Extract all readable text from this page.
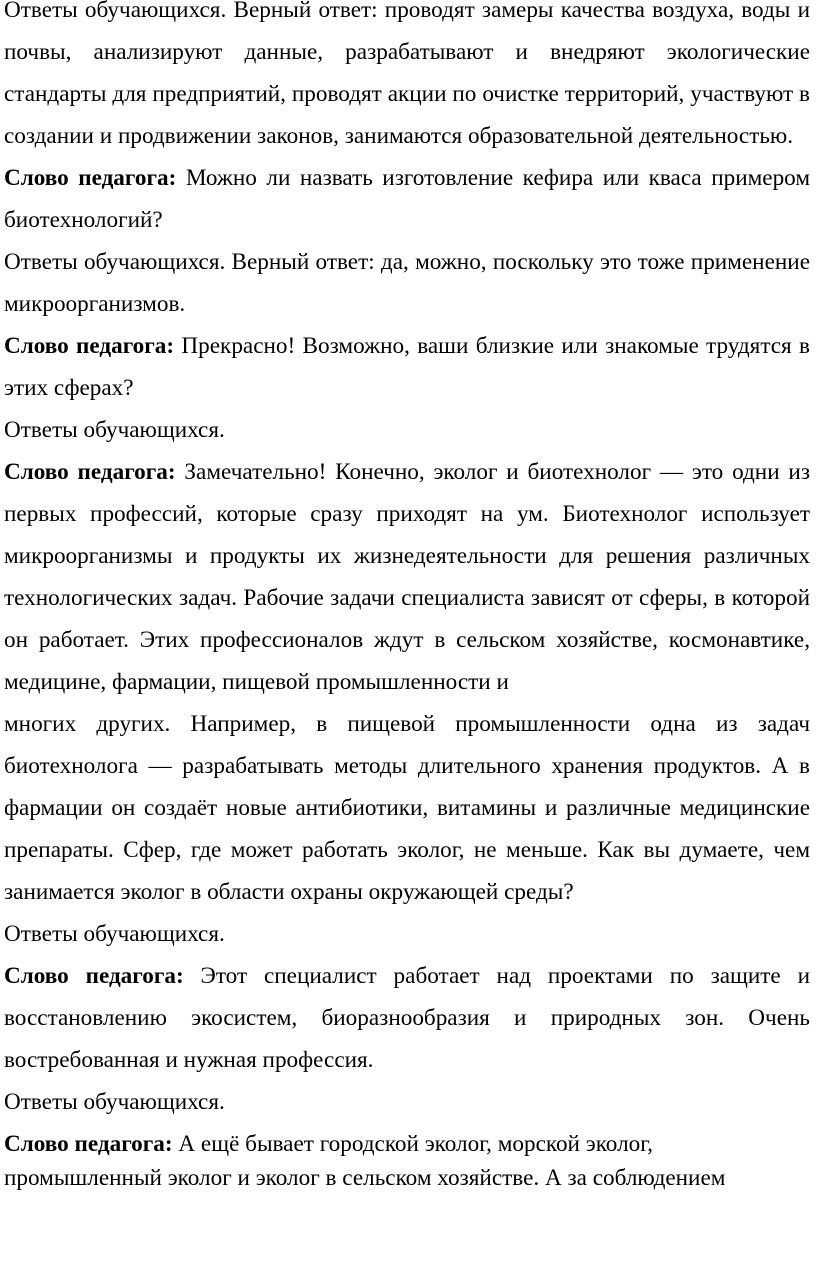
Ответы обучающихся. Верный ответ: проводят замеры качества воздуха, воды и почвы, анализируют данные, разрабатывают и внедряют экологические стандарты для предприятий, проводят акции по очистке территорий, участвуют в создании и продвижении законов, занимаются образовательной деятельностью.

Слово педагога: Можно ли назвать изготовление кефира или кваса примером биотехнологий?

Ответы обучающихся. Верный ответ: да, можно, поскольку это тоже применение микроорганизмов.

Слово педагога: Прекрасно! Возможно, ваши близкие или знакомые трудятся в этих сферах?

Ответы обучающихся.

Слово педагога: Замечательно! Конечно, эколог и биотехнолог — это одни из первых профессий, которые сразу приходят на ум. Биотехнолог использует микроорганизмы и продукты их жизнедеятельности для решения различных технологических задач. Рабочие задачи специалиста зависят от сферы, в которой он работает. Этих профессионалов ждут в сельском хозяйстве, космонавтике, медицине, фармации, пищевой промышленности и

многих других. Например, в пищевой промышленности одна из задач биотехнолога — разрабатывать методы длительного хранения продуктов. А в фармации он создаёт новые антибиотики, витамины и различные медицинские препараты. Сфер, где может работать эколог, не меньше. Как вы думаете, чем занимается эколог в области охраны окружающей среды?

Ответы обучающихся.

Слово педагога: Этот специалист работает над проектами по защите и восстановлению экосистем, биоразнообразия и природных зон. Очень востребованная и нужная профессия.

Ответы обучающихся.

Слово педагога: А ещё бывает городской эколог, морской эколог,
промышленный эколог и эколог в сельском хозяйстве. А за соблюдением
